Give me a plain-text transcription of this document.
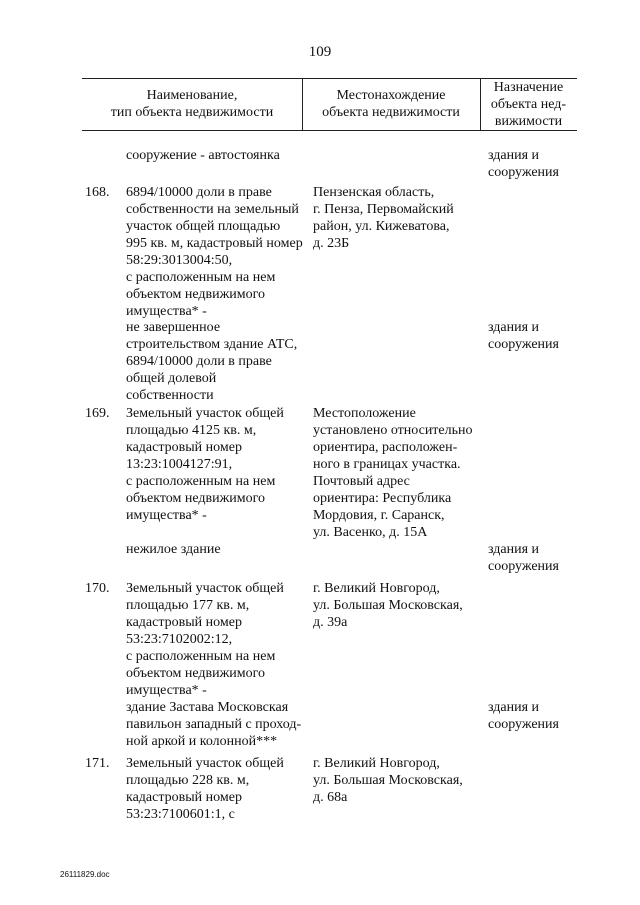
109
Наименование,
тип объекта недвижимости
Местонахождение
объекта недвижимости
Назначение
объекта нед-
вижимости
сооружение - автостоянка	здания и
сооружения
168. 6894/10000 доли в праве
собственности на земельный
участок общей площадью
995 кв. м, кадастровый номер
58:29:3013004:50,
с расположенным на нем
объектом недвижимого
имущества* -
Пензенская область,
г. Пенза, Первомайский
район, ул. Кижеватова,
д. 23Б
не завершенное
строительством здание АТС,
6894/10000 доли в праве
общей долевой
собственности
здания и
сооружения
169. Земельный участок общей
площадью 4125 кв. м,
кадастровый номер
13:23:1004127:91,
с расположенным на нем
объектом недвижимого
имущества* -
Местоположение
установлено относительно
ориентира, расположен-
ного в границах участка.
Почтовый адрес
ориентира: Республика
Мордовия, г. Саранск,
ул. Васенко, д. 15А
нежилое здание	здания и
сооружения
170. Земельный участок общей
площадью 177 кв. м,
кадастровый номер
53:23:7102002:12,
с расположенным на нем
объектом недвижимого
имущества* -
г. Великий Новгород,
ул. Большая Московская,
д. 39а
здание Застава Московская
павильон западный с проход-
ной аркой и колонной***
здания и
сооружения
171. Земельный участок общей
площадью 228 кв. м,
кадастровый номер
53:23:7100601:1, с
г. Великий Новгород,
ул. Большая Московская,
д. 68а
26111829.doc
